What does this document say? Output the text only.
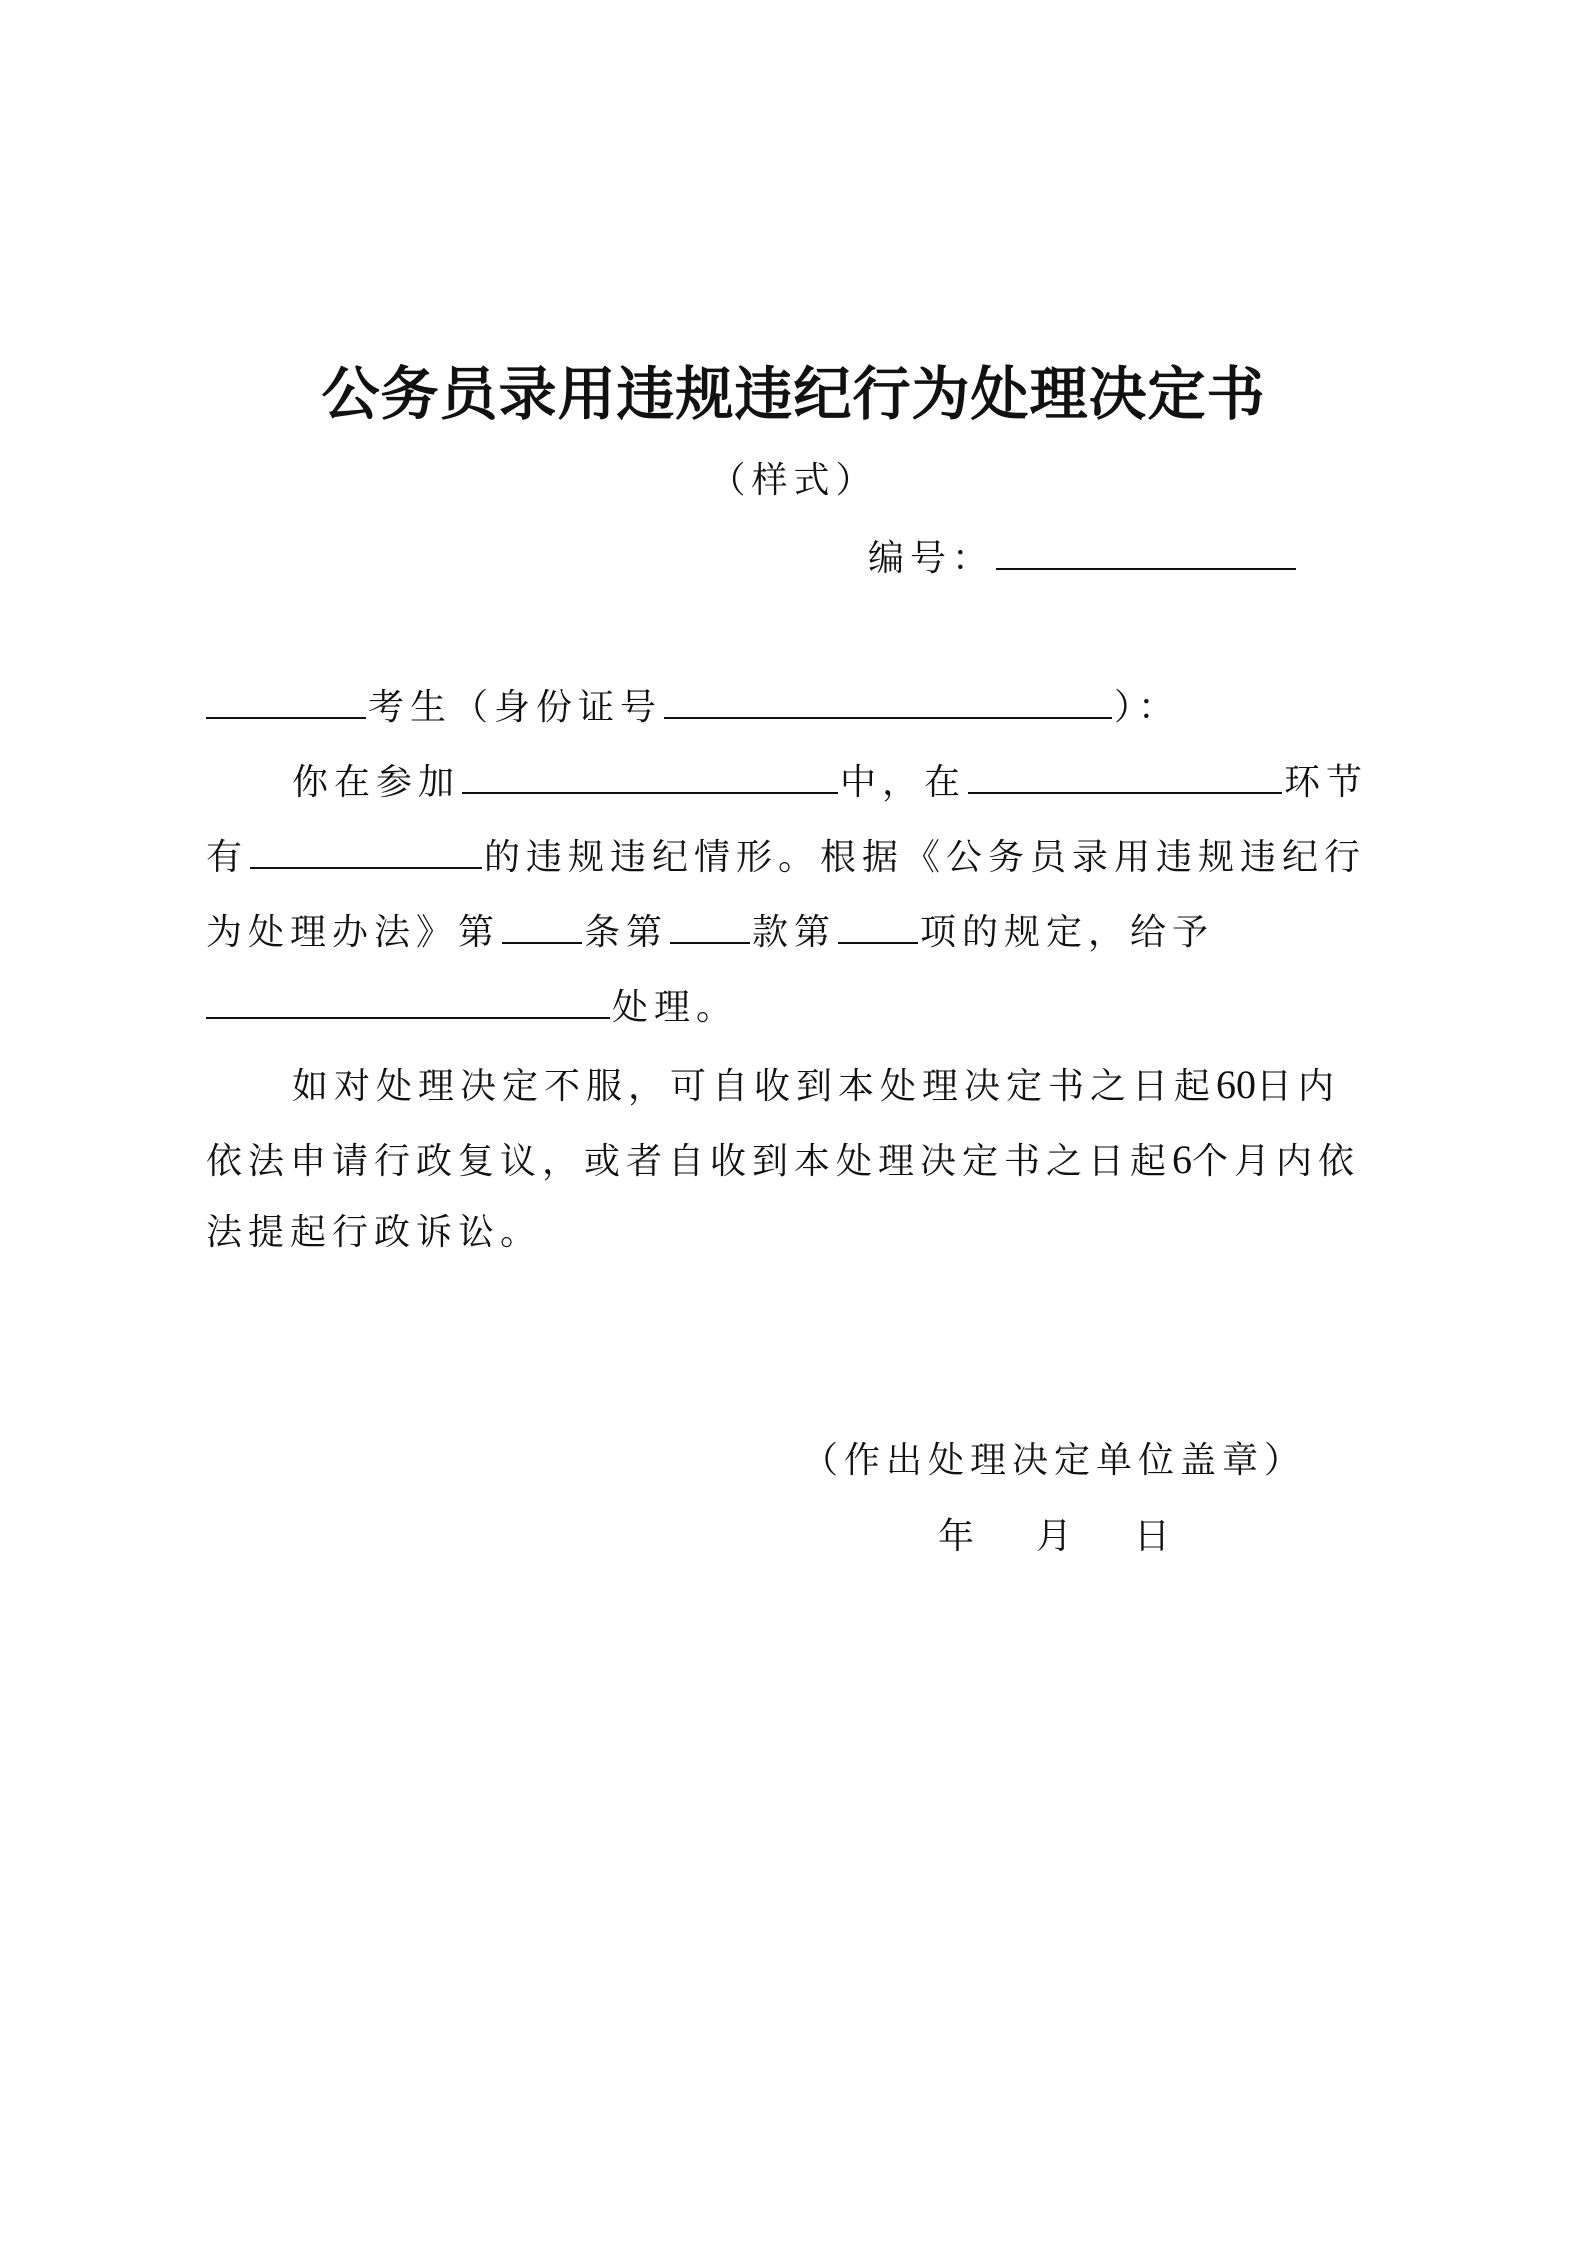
公务员录用违规违纪行为处理决定书
（样式）
编号：
考生（身份证号	）：
你在参加	中，在	环节
有	的违规违纪情形。根据《公务员录用违规违纪行
为处理办法》第 条第 款第 项的规定，给予
处理。
如对处理决定不服，可自收到本处理决定书之日起60日内
依法申请行政复议，或者自收到本处理决定书之日起6个月内依
法提起行政诉讼。
（作出处理决定单位盖章）
年 月 日
